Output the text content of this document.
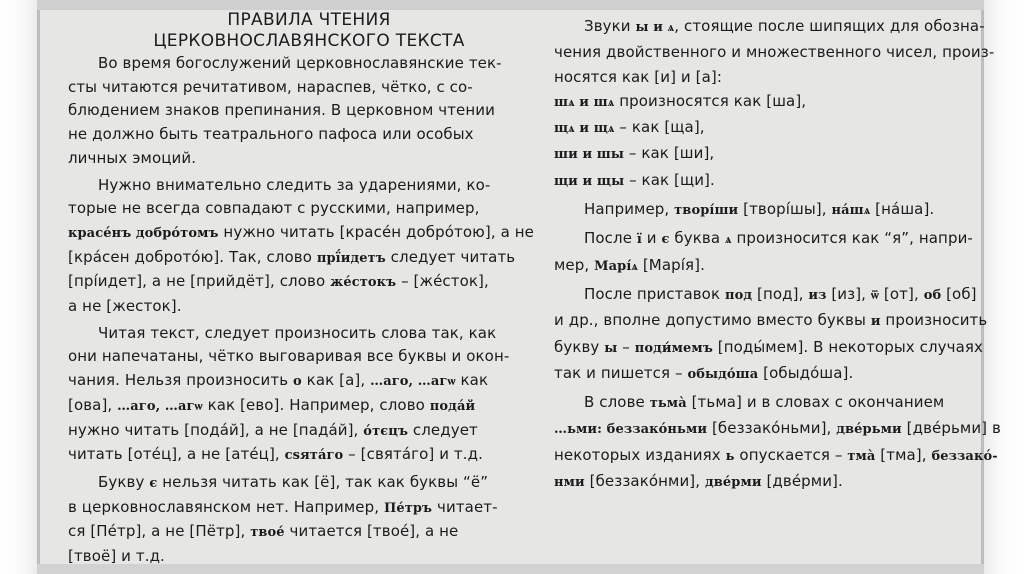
ПРАВИЛА ЧТЕНИЯ
ЦЕРКОВНОСЛАВЯНСКОГО ТЕКСТА
Во время богослужений церковнославянские тек-
сты читаются речитативом, нараспев, чётко, с со-
блюдением знаков препинания. В церковном чтении
не должно быть театрального пафоса или особых
личных эмоций.
Нужно внимательно следить за ударениями, ко-
торые не всегда совпадают с русскими, например,
красéнъ добрóтомъ нужно читать [красéн добрóтою], а не
[крáсен добротóю]. Так, слово прї́идетъ следует читать
[прíидет], а не [прийдёт], слово жéстокъ – [жéсток],
а не [жесток].
Читая текст, следует произносить слова так, как
они напечатаны, чётко выговаривая все буквы и окон-
чания. Нельзя произносить о как [а], …аго, …агѡ как
[ова], …аго, …агѡ как [ево]. Например, слово подáй
нужно читать [подáй], а не [падáй], óтєцъ следует
читать [отéц], а не [атéц], сѕятáго – [святáго] и т.д.
Букву є нельзя читать как [ё], так как буквы “ё”
в церковнославянском нет. Например, Пе́тръ читает-
ся [Пéтр], а не [Пётр], твое́ читается [твоé], а не
[твоё] и т.д.
Звуки ы и ѧ, стоящие после шипящих для обозна-
чения двойственного и множественного чисел, произ-
носятся как [и] и [а]:
шѧ и шѧ произносятся как [ша],
щѧ и щѧ – как [ща],
ши и шы – как [ши],
щи и щы – как [щи].
Например, творíши [творíшы], нáшѧ [нáша].
После ї и є буква ѧ произносится как “я”, напри-
мер, Марíѧ [Марíя].
После приставок под [под], из [из], ѿ [от], об [об]
и др., вполне допустимо вместо буквы и произносить
букву ы – поди́мемъ [поды́мем]. В некоторых случаях
так и пишется – обыдо́ша [обыдóша].
В слове тьмà [тьма] и в словах с окончанием
…ьми: беззакóньми [беззакóньми], двéрьми [двéрьми] в
некоторых изданиях ь опускается – тмà [тма], беззакó-
нми [беззакóнми], двéрми [двéрми].
